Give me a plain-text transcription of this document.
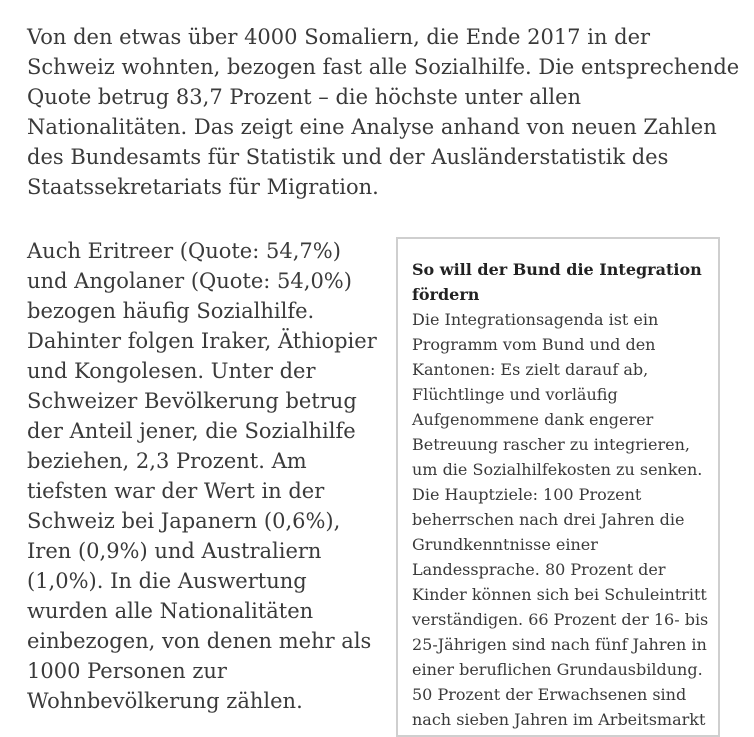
Von den etwas über 4000 Somaliern, die Ende 2017 in der
Schweiz wohnten, bezogen fast alle Sozialhilfe. Die entsprechende
Quote betrug 83,7 Prozent – die höchste unter allen
Nationalitäten. Das zeigt eine Analyse anhand von neuen Zahlen
des Bundesamts für Statistik und der Ausländerstatistik des
Staatssekretariats für Migration.

Auch Eritreer (Quote: 54,7%)
und Angolaner (Quote: 54,0%)
bezogen häufig Sozialhilfe.
Dahinter folgen Iraker, Äthiopier
und Kongolesen. Unter der
Schweizer Bevölkerung betrug
der Anteil jener, die Sozialhilfe
beziehen, 2,3 Prozent. Am
tiefsten war der Wert in der
Schweiz bei Japanern (0,6%),
Iren (0,9%) und Australiern
(1,0%). In die Auswertung
wurden alle Nationalitäten
einbezogen, von denen mehr als
1000 Personen zur
Wohnbevölkerung zählen.

So will der Bund die Integration
fördern

Die Integrationsagenda ist ein
Programm vom Bund und den
Kantonen: Es zielt darauf ab,
Flüchtlinge und vorläufig
Aufgenommene dank engerer
Betreuung rascher zu integrieren,
um die Sozialhilfekosten zu senken.
Die Hauptziele: 100 Prozent
beherrschen nach drei Jahren die
Grundkenntnisse einer
Landessprache. 80 Prozent der
Kinder können sich bei Schuleintritt
verständigen. 66 Prozent der 16- bis
25-Jährigen sind nach fünf Jahren in
einer beruflichen Grundausbildung.
50 Prozent der Erwachsenen sind
nach sieben Jahren im Arbeitsmarkt
